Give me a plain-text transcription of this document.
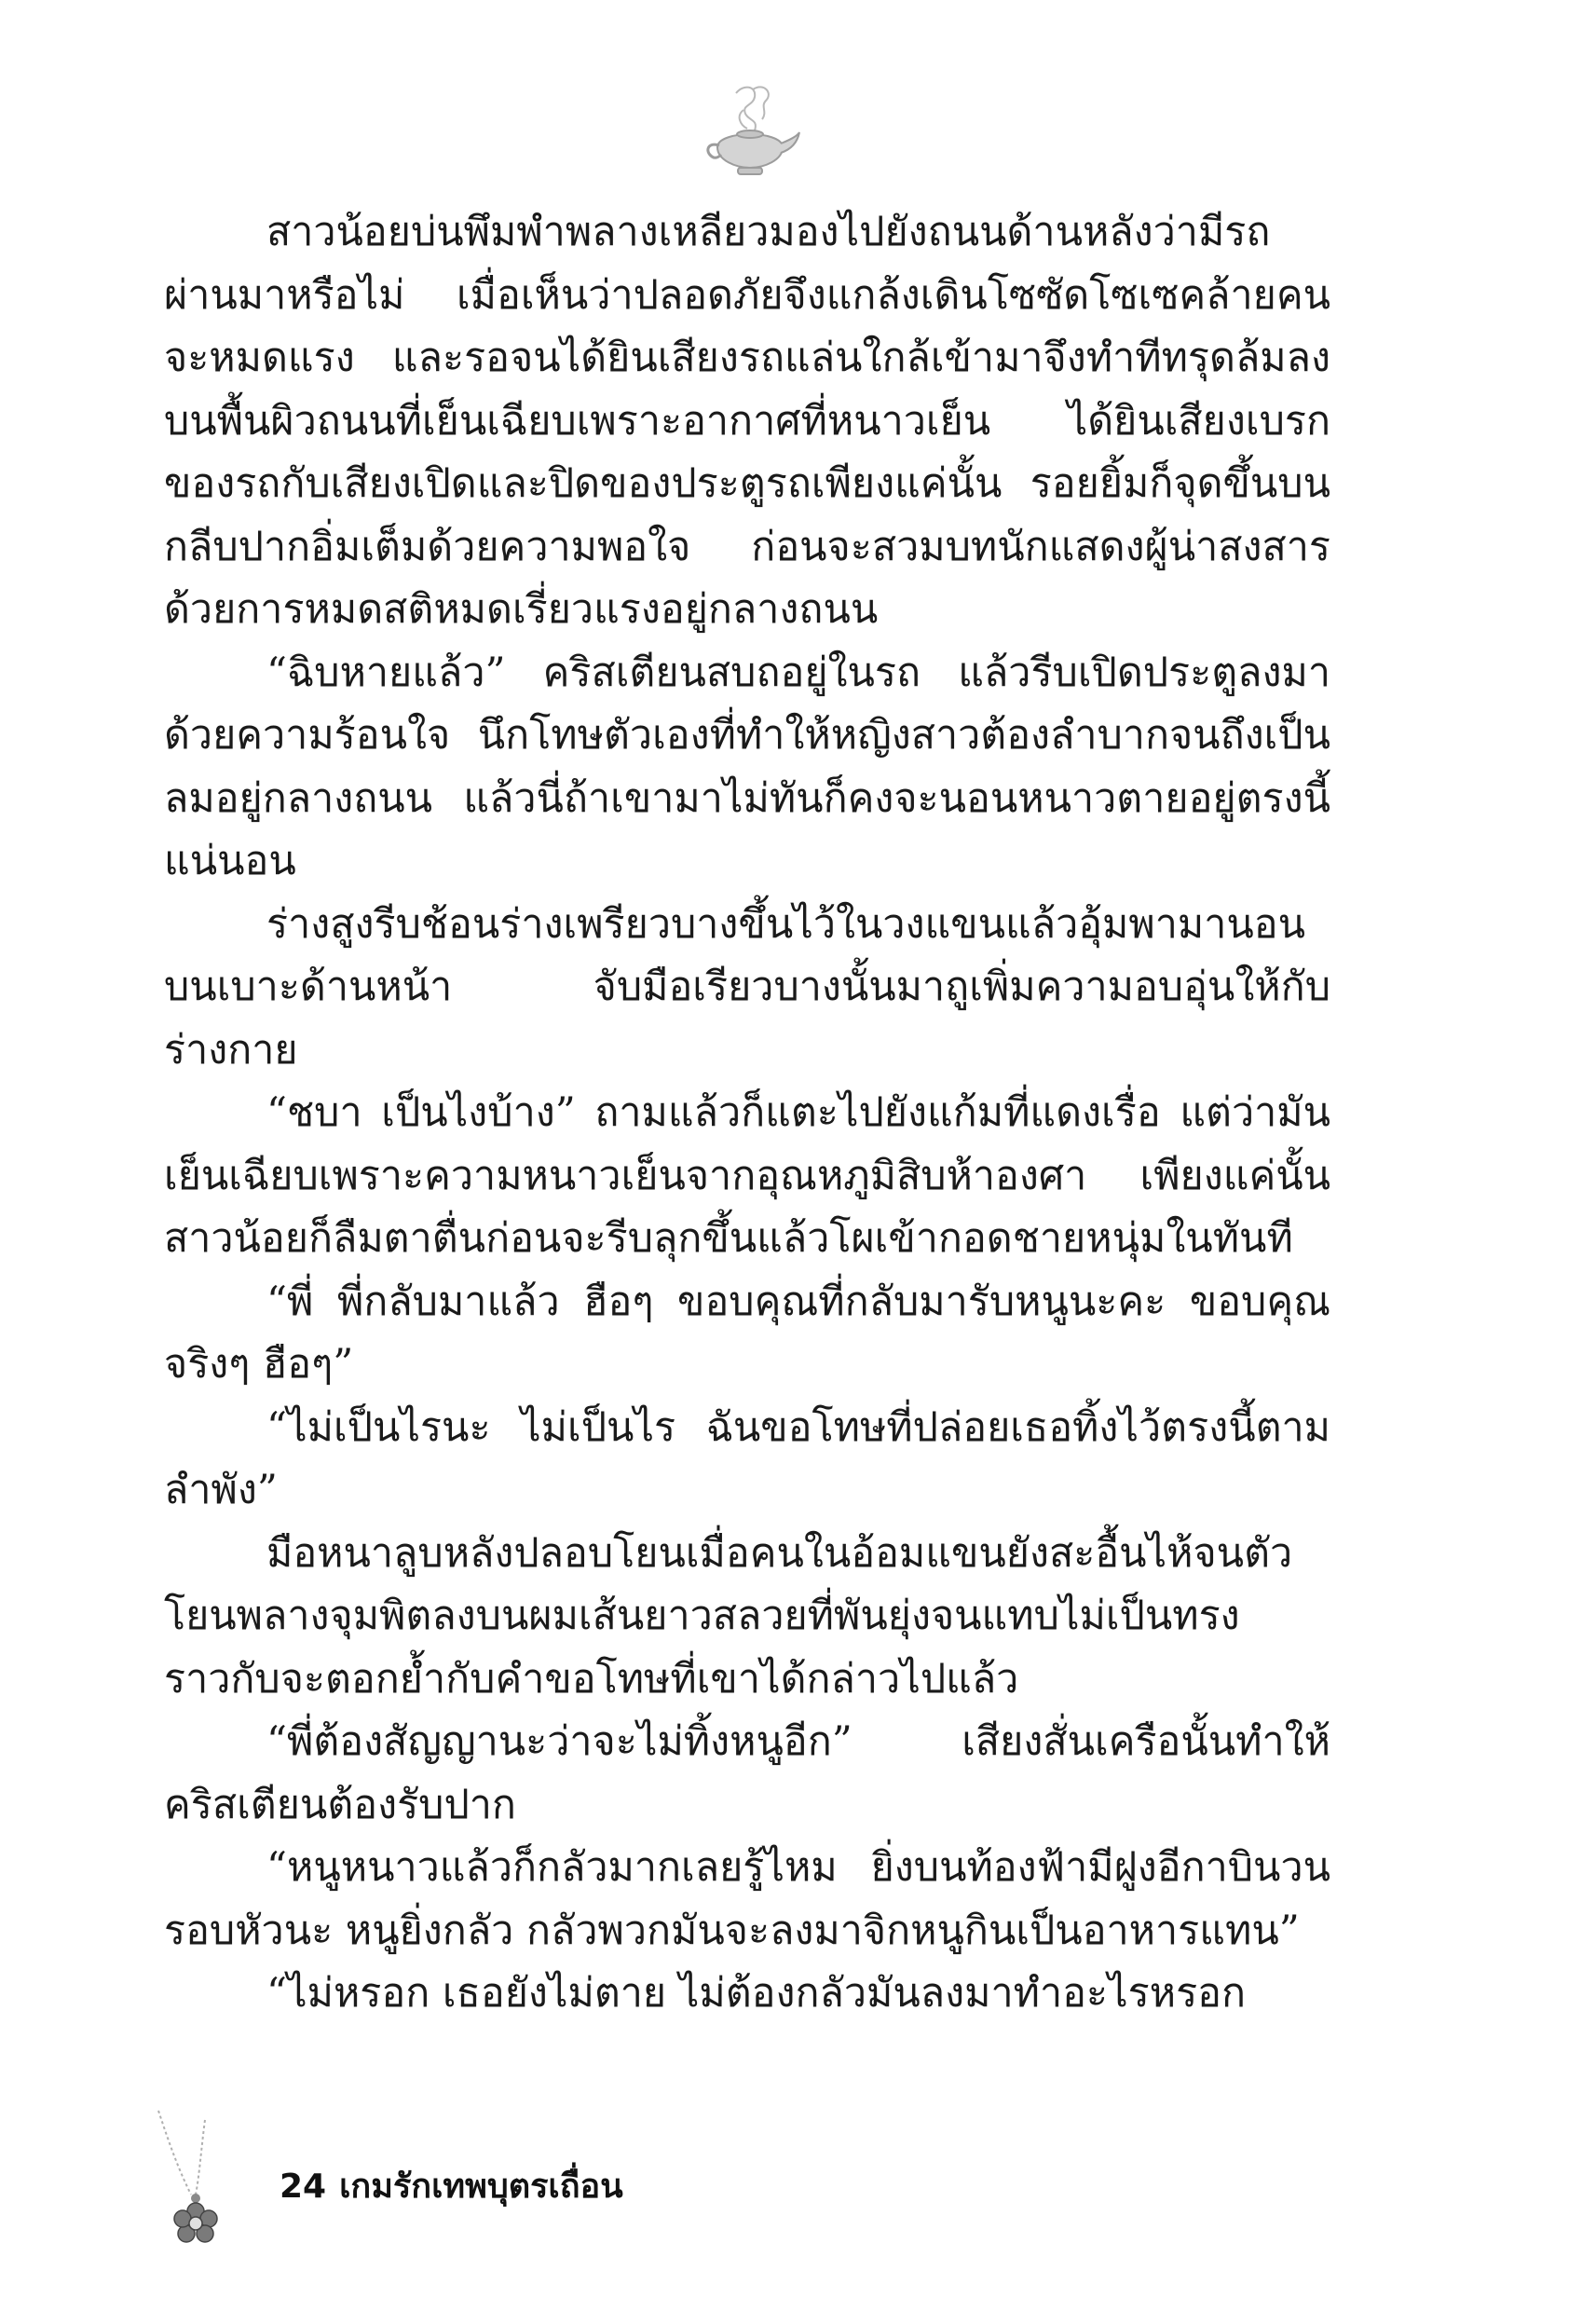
สาวน้อยบ่นพึมพำพลางเหลียวมองไปยังถนนด้านหลังว่ามีรถผ่านมาหรือไม่ เมื่อเห็นว่าปลอดภัยจึงแกล้งเดินโซซัดโซเซคล้ายคนจะหมดแรง และรอจนได้ยินเสียงรถแล่นใกล้เข้ามาจึงทำทีทรุดล้มลงบนพื้นผิวถนนที่เย็นเฉียบเพราะอากาศที่หนาวเย็น ได้ยินเสียงเบรกของรถกับเสียงเปิดและปิดของประตูรถเพียงแค่นั้น รอยยิ้มก็จุดขึ้นบนกลีบปากอิ่มเต็มด้วยความพอใจ ก่อนจะสวมบทนักแสดงผู้น่าสงสารด้วยการหมดสติหมดเรี่ยวแรงอยู่กลางถนน

“ฉิบหายแล้ว” คริสเตียนสบถอยู่ในรถ แล้วรีบเปิดประตูลงมาด้วยความร้อนใจ นึกโทษตัวเองที่ทำให้หญิงสาวต้องลำบากจนถึงเป็นลมอยู่กลางถนน แล้วนี่ถ้าเขามาไม่ทันก็คงจะนอนหนาวตายอยู่ตรงนี้แน่นอน

ร่างสูงรีบช้อนร่างเพรียวบางขึ้นไว้ในวงแขนแล้วอุ้มพามานอนบนเบาะด้านหน้า จับมือเรียวบางนั้นมาถูเพิ่มความอบอุ่นให้กับร่างกาย

“ชบา เป็นไงบ้าง” ถามแล้วก็แตะไปยังแก้มที่แดงเรื่อ แต่ว่ามันเย็นเฉียบเพราะความหนาวเย็นจากอุณหภูมิสิบห้าองศา เพียงแค่นั้นสาวน้อยก็ลืมตาตื่นก่อนจะรีบลุกขึ้นแล้วโผเข้ากอดชายหนุ่มในทันที

“พี่ พี่กลับมาแล้ว ฮือๆ ขอบคุณที่กลับมารับหนูนะคะ ขอบคุณจริงๆ ฮือๆ”

“ไม่เป็นไรนะ ไม่เป็นไร ฉันขอโทษที่ปล่อยเธอทิ้งไว้ตรงนี้ตามลำพัง”

มือหนาลูบหลังปลอบโยนเมื่อคนในอ้อมแขนยังสะอื้นไห้จนตัวโยนพลางจุมพิตลงบนผมเส้นยาวสลวยที่พันยุ่งจนแทบไม่เป็นทรงราวกับจะตอกย้ำกับคำขอโทษที่เขาได้กล่าวไปแล้ว

“พี่ต้องสัญญานะว่าจะไม่ทิ้งหนูอีก” เสียงสั่นเครือนั้นทำให้คริสเตียนต้องรับปาก

“หนูหนาวแล้วก็กลัวมากเลยรู้ไหม ยิ่งบนท้องฟ้ามีฝูงอีกาบินวนรอบหัวนะ หนูยิ่งกลัว กลัวพวกมันจะลงมาจิกหนูกินเป็นอาหารแทน”

“ไม่หรอก เธอยังไม่ตาย ไม่ต้องกลัวมันลงมาทำอะไรหรอก

24 เกมรักเทพบุตรเถื่อน
